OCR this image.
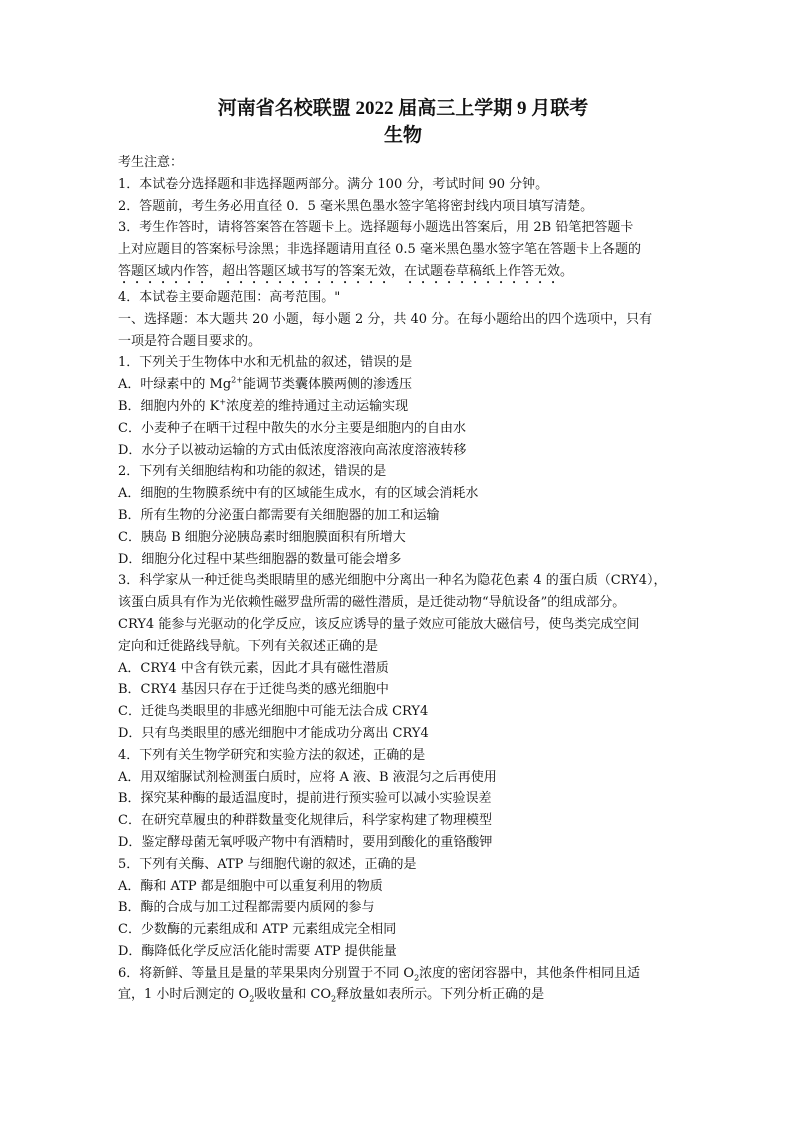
河南省名校联盟 2022 届高三上学期 9 月联考
生物
考生注意：
1．本试卷分选择题和非选择题两部分。满分 100 分，考试时间 90 分钟。
2．答题前，考生务必用直径 0．5 毫米黑色墨水签字笔将密封线内项目填写清楚。
3．考生作答时，请将答案答在答题卡上。选择题每小题选出答案后，用 2B 铅笔把答题卡
上对应题目的答案标号涂黑；非选择题请用直径 0.5 毫米黑色墨水签字笔在答题卡上各题的
答题区域内作答，超出答题区域书写的答案无效，在试题卷草稿纸上作答无效。
4．本试卷主要命题范围：高考范围。"
一、选择题：本大题共 20 小题，每小题 2 分，共 40 分。在每小题给出的四个选项中，只有
一项是符合题目要求的。
1．下列关于生物体中水和无机盐的叙述，错误的是
A．叶绿素中的 $Mg^{2+}$能调节类囊体膜两侧的渗透压
B．细胞内外的 K+浓度差的维持通过主动运输实现
C．小麦种子在晒干过程中散失的水分主要是细胞内的自由水
D．水分子以被动运输的方式由低浓度溶液向高浓度溶液转移
2．下列有关细胞结构和功能的叙述，错误的是
A．细胞的生物膜系统中有的区域能生成水，有的区域会消耗水
B．所有生物的分泌蛋白都需要有关细胞器的加工和运输
C．胰岛 B 细胞分泌胰岛素时细胞膜面积有所增大
D．细胞分化过程中某些细胞器的数量可能会增多
3．科学家从一种迁徙鸟类眼睛里的感光细胞中分离出一种名为隐花色素 4 的蛋白质（CRY4），
该蛋白质具有作为光依赖性磁罗盘所需的磁性潜质，是迁徙动物“导航设备”的组成部分。
CRY4 能参与光驱动的化学反应，该反应诱导的量子效应可能放大磁信号，使鸟类完成空间
定向和迁徙路线导航。下列有关叙述正确的是
A．CRY4 中含有铁元素，因此才具有磁性潜质
B．CRY4 基因只存在于迁徙鸟类的感光细胞中
C．迁徙鸟类眼里的非感光细胞中可能无法合成 CRY4
D．只有鸟类眼里的感光细胞中才能成功分离出 CRY4
4．下列有关生物学研究和实验方法的叙述，正确的是
A．用双缩脲试剂检测蛋白质时，应将 A 液、B 液混匀之后再使用
B．探究某种酶的最适温度时，提前进行预实验可以减小实验误差
C．在研究草履虫的种群数量变化规律后，科学家构建了物理模型
D．鉴定酵母菌无氧呼吸产物中有酒精时，要用到酸化的重铬酸钾
5．下列有关酶、ATP 与细胞代谢的叙述，正确的是
A．酶和 ATP 都是细胞中可以重复利用的物质
B．酶的合成与加工过程都需要内质网的参与
C．少数酶的元素组成和 ATP 元素组成完全相同
D．酶降低化学反应活化能时需要 ATP 提供能量
6．将新鲜、等量且是量的苹果果肉分别置于不同 $O_2$浓度的密闭容器中，其他条件相同且适
宜，1 小时后测定的 $O_2$吸收量和 $CO_2$释放量如表所示。下列分析正确的是
